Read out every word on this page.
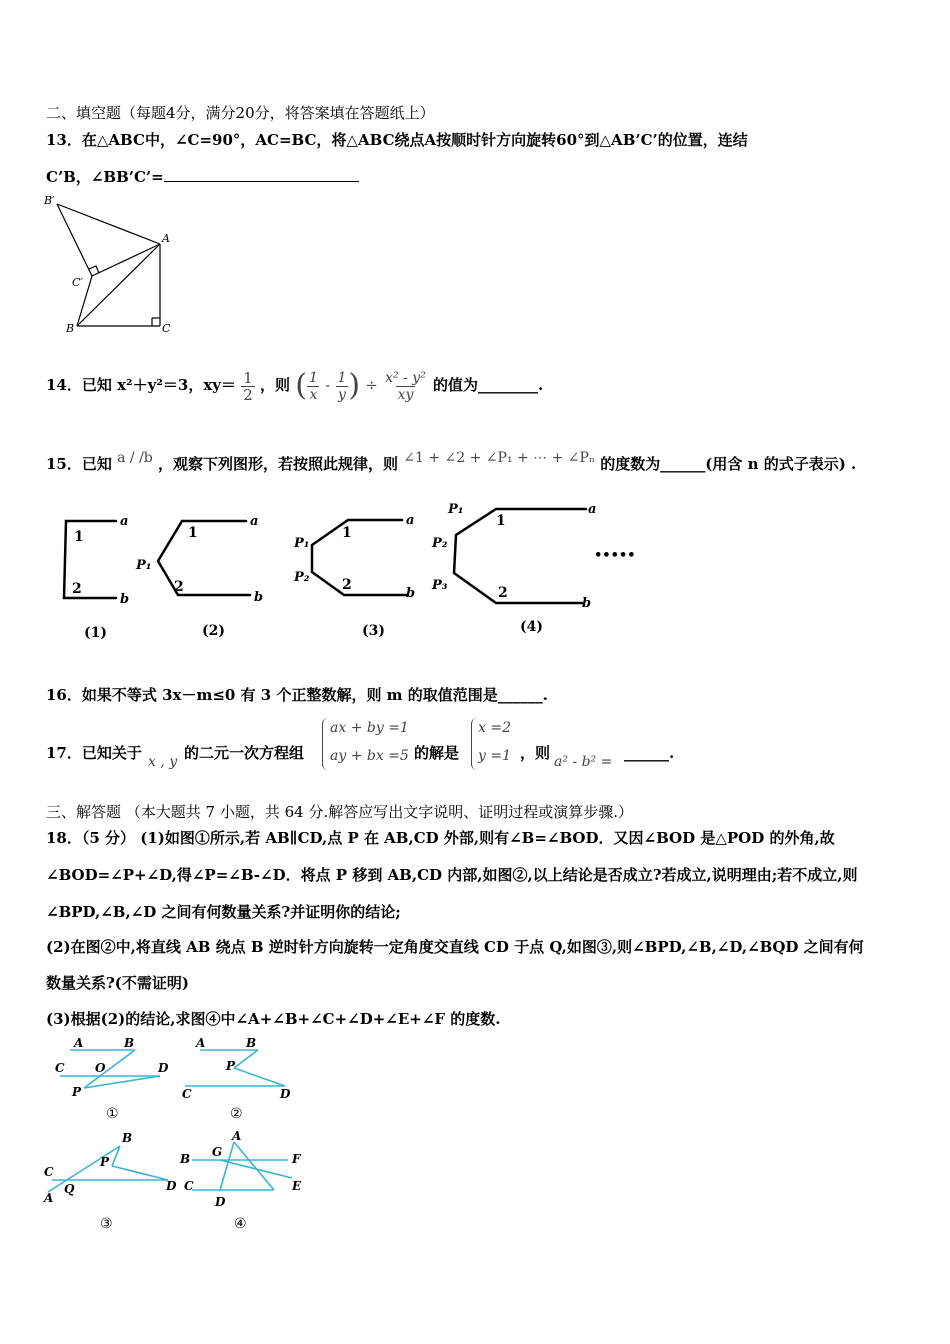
二、填空题（每题4分，满分20分，将答案填在答题纸上）
13．在△ABC中，∠C=90°，AC=BC，将△ABC绕点A按顺时针方向旋转60°到△AB’C’的位置，连结
C’B，∠BB’C’=
B′
A
C′
B	C
14．已知 x²＋y²＝3，$xy= \frac{1}{2}$ ，则 ( $\frac{1}{x} - \frac{1}{y}$ ) ÷ $\frac{\text{x² - y²}}{xy}$ 的值为________.
15．已知 a / /b ，观察下列图形，若按照此规律，则 ∠1 + ∠2 + ∠P₁ + ⋯ + ∠Pₙ 的度数为______(用含 n 的式子表示) .
a
b
a
b
a
b
a
b
P₁
P₁
P₂
P₁
P₂
P₃
1
2
1
2
1
2
1
2
•••••
(1)	(2)	(3)	(4)
16．如果不等式 3x－m≤0 有 3 个正整数解，则 m 的取值范围是______.
17．已知关于 x , y 的二元一次方程组
ax + by =1
ay + bx =5 的解是
x =2
y =1 ，则 a² - b² = ______.
三、解答题 （本大题共 7 小题，共 64 分.解答应写出文字说明、证明过程或演算步骤.）
18．（5 分） (1)如图①所示,若 AB∥CD,点 P 在 AB,CD 外部,则有∠B=∠BOD．又因∠BOD 是△POD 的外角,故
∠BOD=∠P+∠D,得∠P=∠B-∠D．将点 P 移到 AB,CD 内部,如图②,以上结论是否成立?若成立,说明理由;若不成立,则
∠BPD,∠B,∠D 之间有何数量关系?并证明你的结论;
(2)在图②中,将直线 AB 绕点 B 逆时针方向旋转一定角度交直线 CD 于点 Q,如图③,则∠BPD,∠B,∠D,∠BQD 之间有何
数量关系?(不需证明)
(3)根据(2)的结论,求图④中∠A+∠B+∠C+∠D+∠E+∠F 的度数.
A	B
C	O	D
P
A	B
P
C	D
B
P
C
Q
A
D
A
B G	F
C	E
D
①	②
③	④
